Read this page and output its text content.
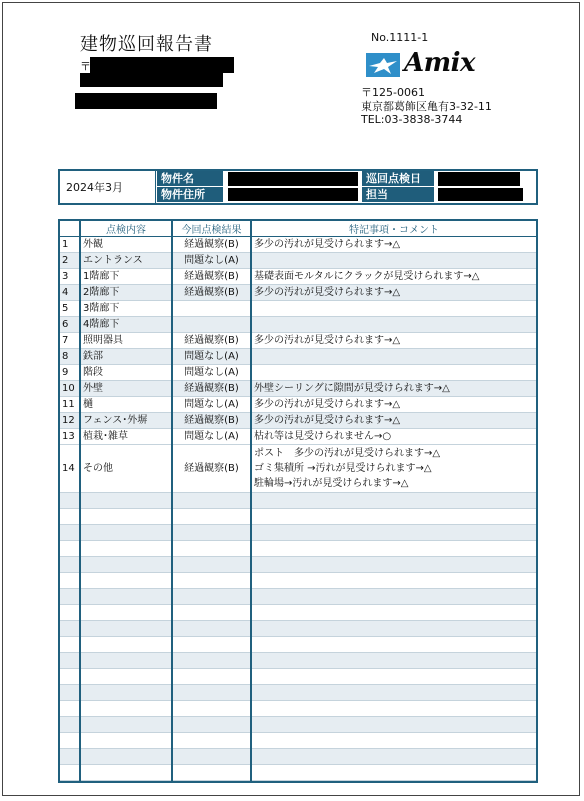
建物巡回報告書
〒
No.1111-1
Amix
〒125-0061
東京都葛飾区亀有3-32-11
TEL:03-3838-3744
2024年3月
物件名
物件住所
巡回点検日
担当
	点検内容	今回点検結果	特記事項・コメント
1	外観	経過観察(B)	多少の汚れが見受けられます→△
2	エントランス	問題なし(A)	
3	1階廊下	経過観察(B)	基礎表面モルタルにクラックが見受けられます→△
4	2階廊下	経過観察(B)	多少の汚れが見受けられます→△
5	3階廊下		
6	4階廊下		
7	照明器具	経過観察(B)	多少の汚れが見受けられます→△
8	鉄部	問題なし(A)	
9	階段	問題なし(A)	
10	外壁	経過観察(B)	外壁シーリングに隙間が見受けられます→△
11	樋	問題なし(A)	多少の汚れが見受けられます→△
12	フェンス･外塀	経過観察(B)	多少の汚れが見受けられます→△
13	植栽･雑草	問題なし(A)	枯れ等は見受けられません→○
14	その他	経過観察(B)	ポスト　多少の汚れが見受けられます→△
ゴミ集積所 →汚れが見受けられます→△
駐輪場→汚れが見受けられます→△
